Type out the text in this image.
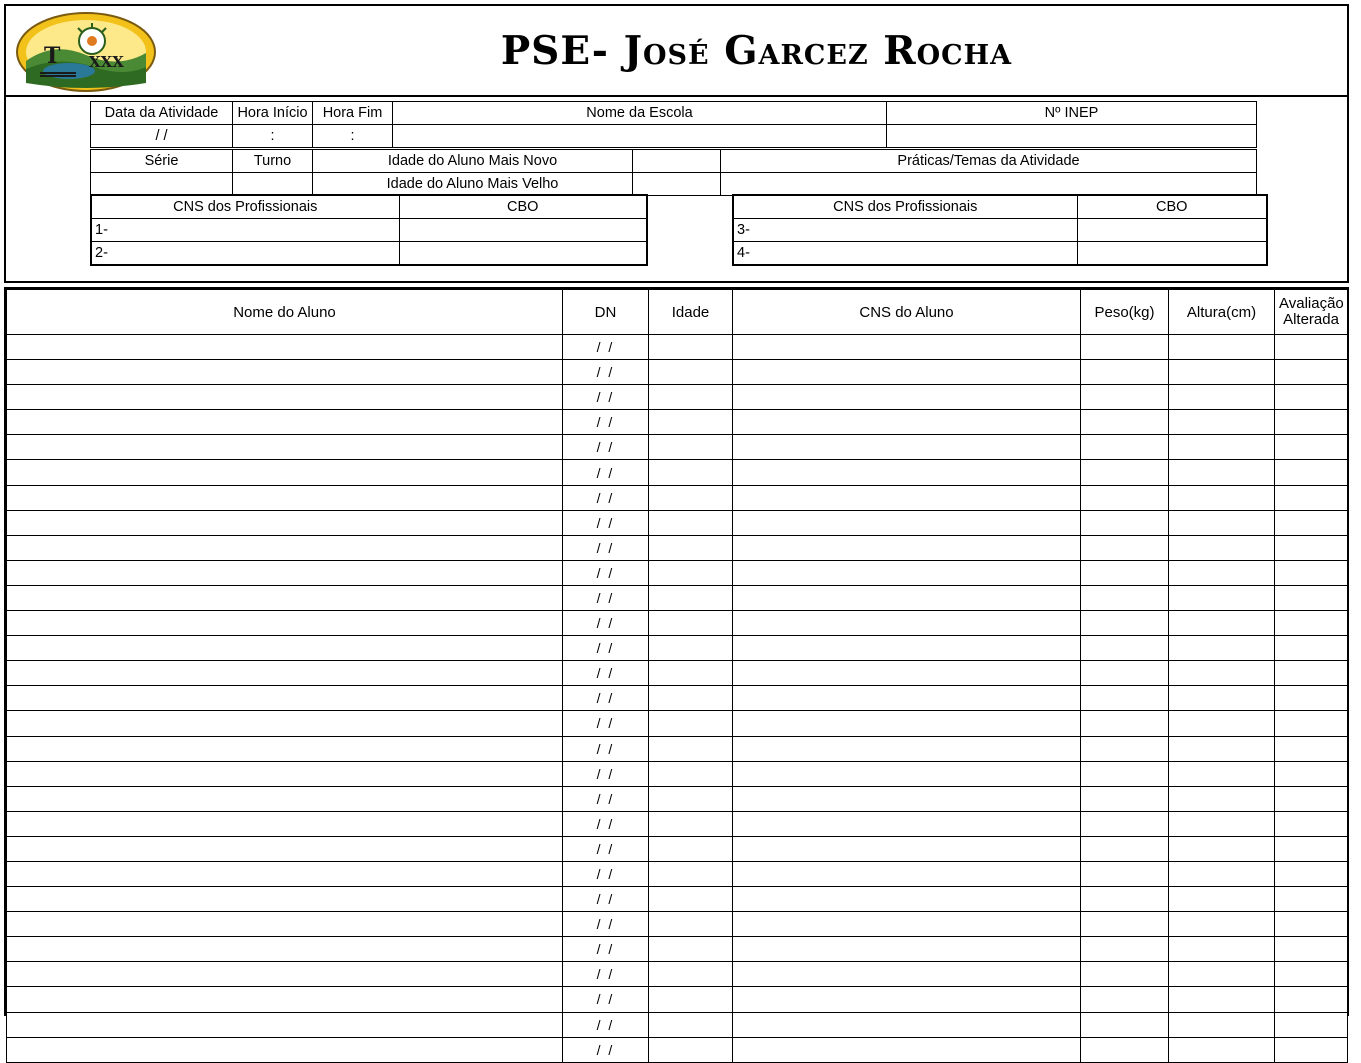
T XXX	PSE- José Garcez Rocha
Data da Atividade	Hora Início	Hora Fim	Nome da Escola	Nº INEP
/ /	:	:		
Série	Turno	Idade do Aluno Mais Novo		Práticas/Temas da Atividade
		Idade do Aluno Mais Velho		
CNS dos Profissionais	CBO
1-	
2-	
CNS dos Profissionais	CBO
3-	
4-	
Nome do Aluno	DN	Idade	CNS do Aluno	Peso(kg)	Altura(cm)	Avaliação
Alterada
	/ /					
	/ /					
	/ /					
	/ /					
	/ /					
	/ /					
	/ /					
	/ /					
	/ /					
	/ /					
	/ /					
	/ /					
	/ /					
	/ /					
	/ /					
	/ /					
	/ /					
	/ /					
	/ /					
	/ /					
	/ /					
	/ /					
	/ /					
	/ /					
	/ /					
	/ /					
	/ /					
	/ /					
	/ /					
